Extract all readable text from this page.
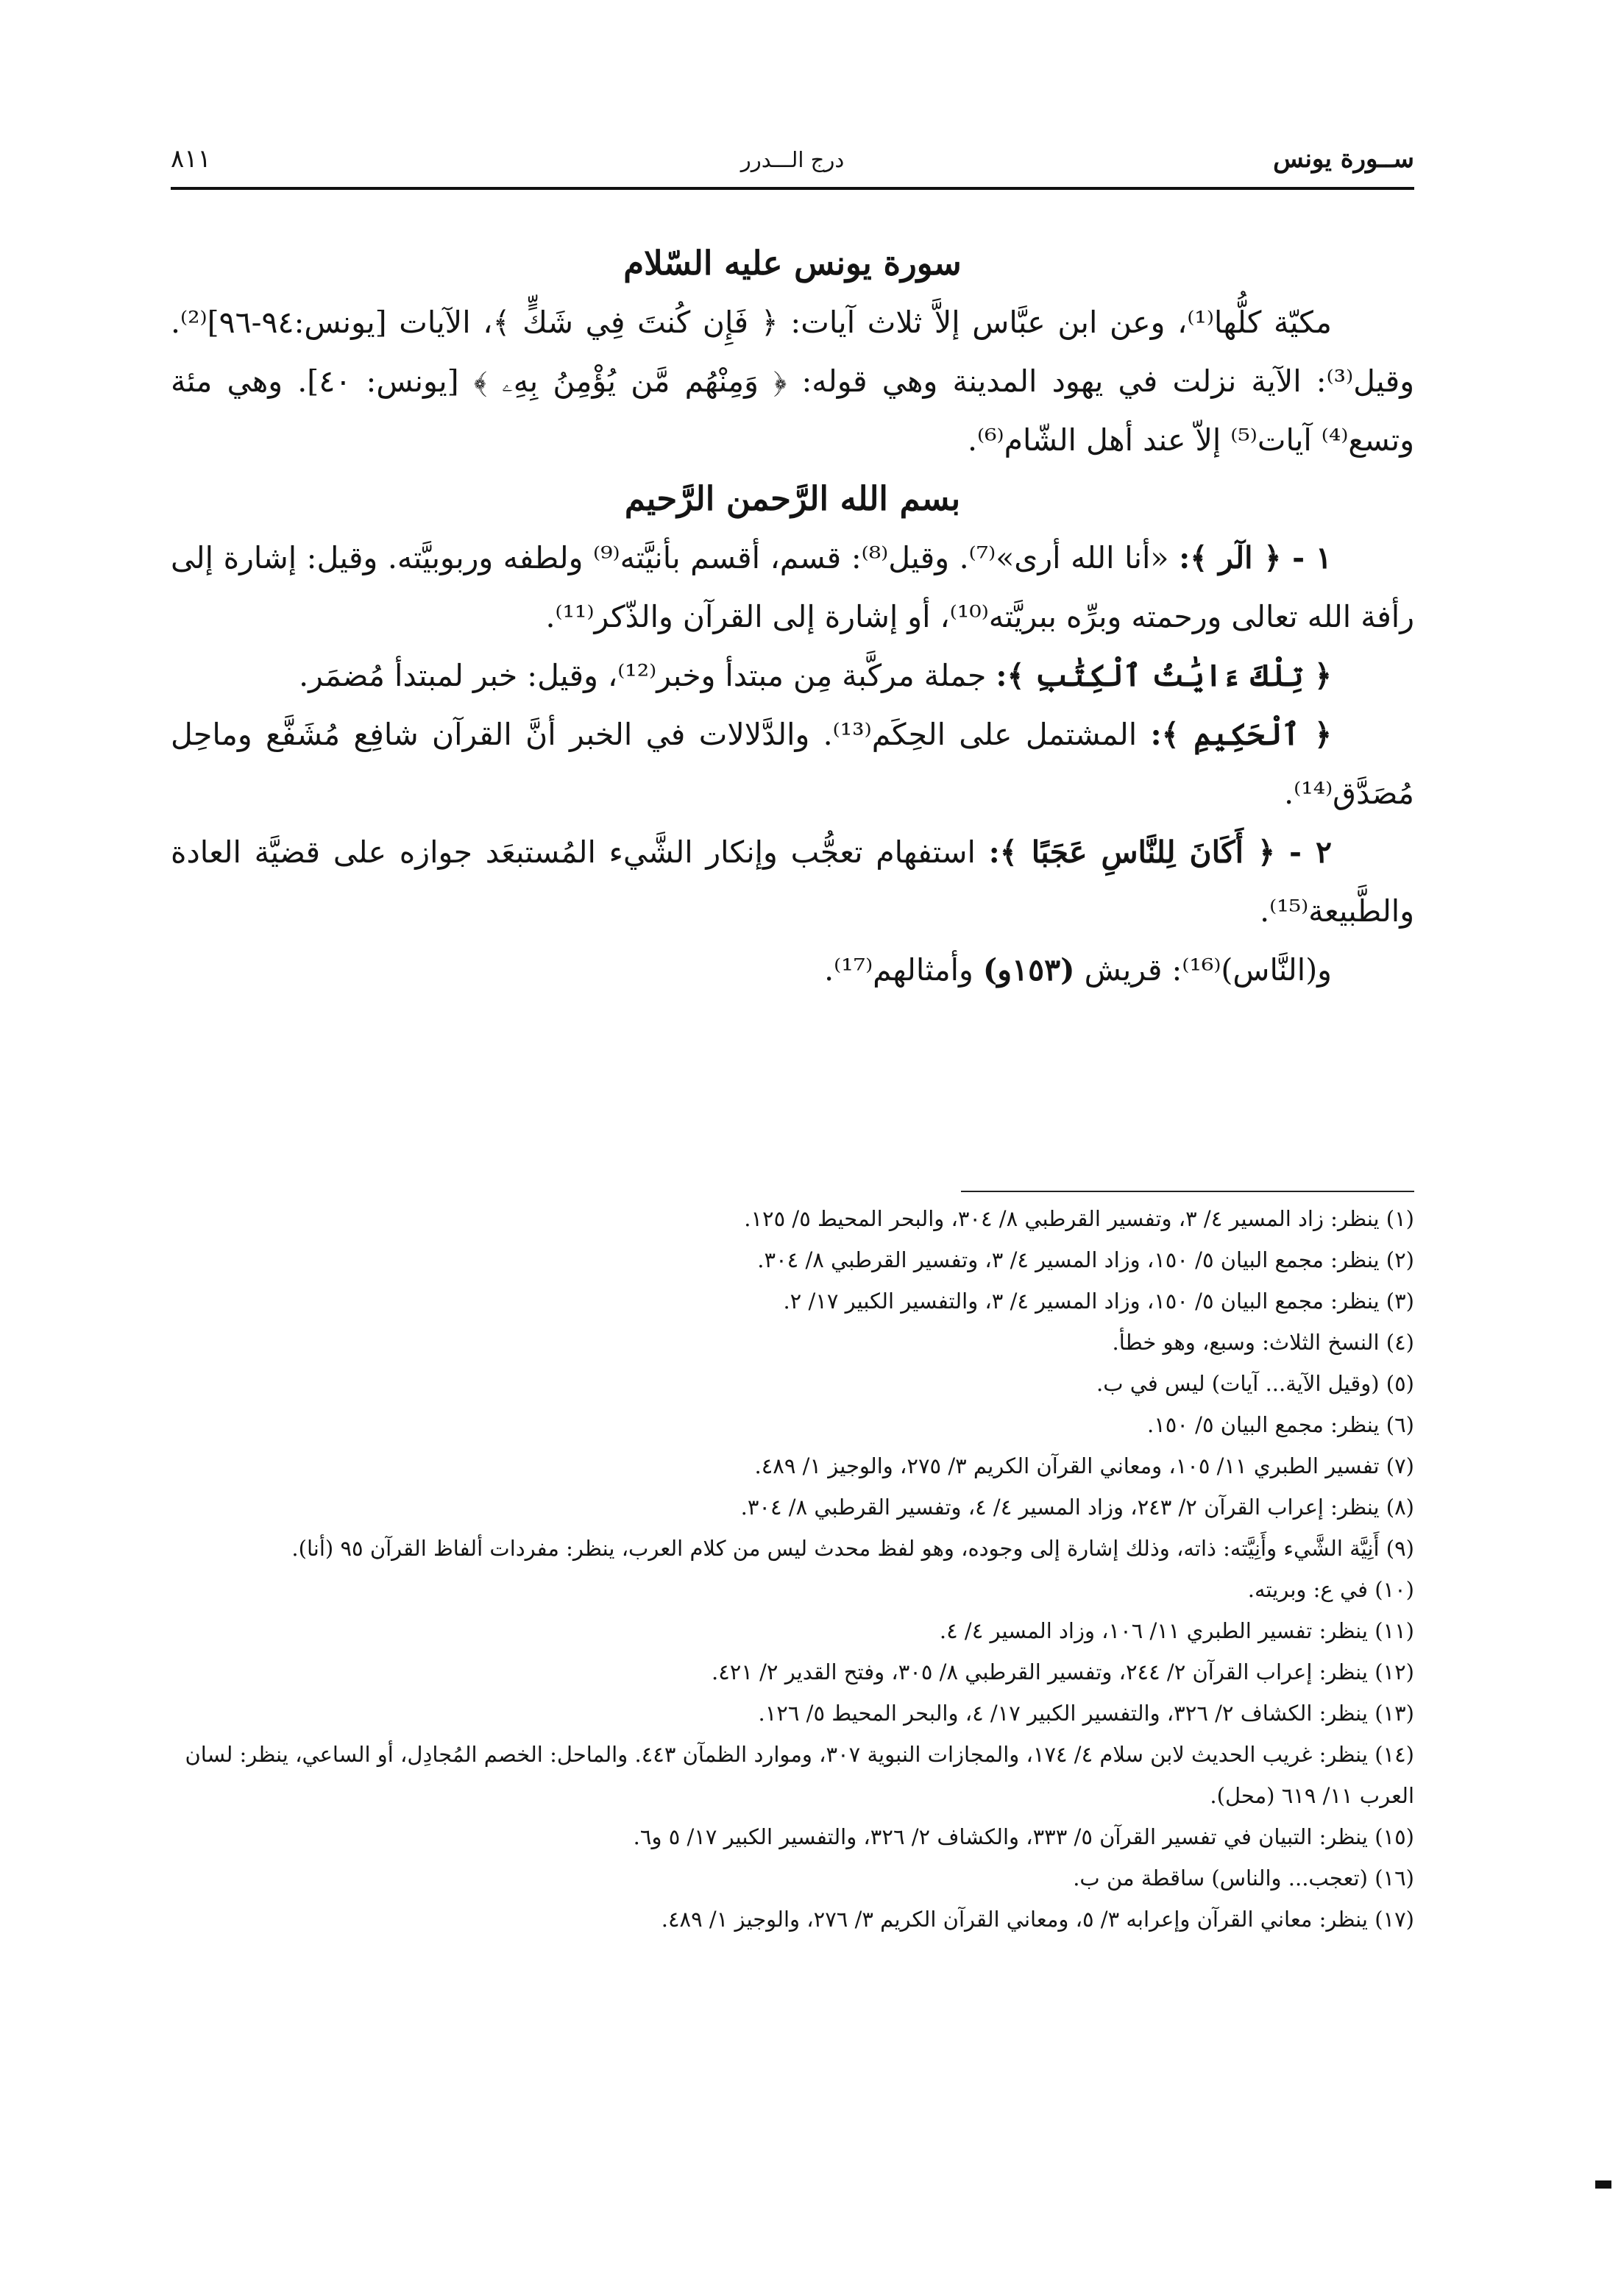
ســورة يونس
درج الـــدرر
٨١١

سورة يونس عليه السّلام

مكيّة كلُّها⁽¹⁾، وعن ابن عبَّاس إلاَّ ثلاث آيات: ﴿ فَإِن كُنتَ فِي شَكٍّ ﴾، الآيات [يونس:٩٤-٩٦]⁽²⁾. وقيل⁽³⁾: الآية نزلت في يهود المدينة وهي قوله: ﴿ وَمِنْهُم مَّن يُؤْمِنُ بِهِۦ ﴾ [يونس: ٤٠]. وهي مئة وتسع⁽⁴⁾ آيات⁽⁵⁾ إلاّ عند أهل الشّام⁽⁶⁾.

بسم الله الرَّحمن الرَّحيم

١ - ﴿ الٓر ﴾: «أنا الله أرى»⁽⁷⁾. وقيل⁽⁸⁾: قسم، أقسم بأنيَّته⁽⁹⁾ ولطفه وربوبيَّته. وقيل: إشارة إلى رأفة الله تعالى ورحمته وبرِّه ببريَّته⁽¹⁰⁾، أو إشارة إلى القرآن والذّكر⁽¹¹⁾.

﴿ تِلْكَ ءَايَٰتُ ٱلْكِتَٰبِ ﴾: جملة مركَّبة مِن مبتدأ وخبر⁽¹²⁾، وقيل: خبر لمبتدأ مُضمَر.

﴿ ٱلْحَكِيمِ ﴾: المشتمل على الحِكَم⁽¹³⁾. والدَّلالات في الخبر أنَّ القرآن شافِع مُشَفَّع وماحِل مُصَدَّق⁽¹⁴⁾.

٢ - ﴿ أَكَانَ لِلنَّاسِ عَجَبًا ﴾: استفهام تعجُّب وإنكار الشَّيء المُستبعَد جوازه على قضيَّة العادة والطَّبيعة⁽¹⁵⁾.

و(النَّاس)⁽¹⁶⁾: قريش (١٥٣و) وأمثالهم⁽¹⁷⁾.

(١) ينظر: زاد المسير ٤/ ٣، وتفسير القرطبي ٨/ ٣٠٤، والبحر المحيط ٥/ ١٢٥.

(٢) ينظر: مجمع البيان ٥/ ١٥٠، وزاد المسير ٤/ ٣، وتفسير القرطبي ٨/ ٣٠٤.

(٣) ينظر: مجمع البيان ٥/ ١٥٠، وزاد المسير ٤/ ٣، والتفسير الكبير ١٧/ ٢.

(٤) النسخ الثلاث: وسبع، وهو خطأ.

(٥) (وقيل الآية... آيات) ليس في ب.

(٦) ينظر: مجمع البيان ٥/ ١٥٠.

(٧) تفسير الطبري ١١/ ١٠٥، ومعاني القرآن الكريم ٣/ ٢٧٥، والوجيز ١/ ٤٨٩.

(٨) ينظر: إعراب القرآن ٢/ ٢٤٣، وزاد المسير ٤/ ٤، وتفسير القرطبي ٨/ ٣٠٤.

(٩) أَنِيَّة الشَّيء وأَنِيَّته: ذاته، وذلك إشارة إلى وجوده، وهو لفظ محدث ليس من كلام العرب، ينظر: مفردات ألفاظ القرآن ٩٥ (أنا).

(١٠) في ع: وبريته.

(١١) ينظر: تفسير الطبري ١١/ ١٠٦، وزاد المسير ٤/ ٤.

(١٢) ينظر: إعراب القرآن ٢/ ٢٤٤، وتفسير القرطبي ٨/ ٣٠٥، وفتح القدير ٢/ ٤٢١.

(١٣) ينظر: الكشاف ٢/ ٣٢٦، والتفسير الكبير ١٧/ ٤، والبحر المحيط ٥/ ١٢٦.

(١٤) ينظر: غريب الحديث لابن سلام ٤/ ١٧٤، والمجازات النبوية ٣٠٧، وموارد الظمآن ٤٤٣. والماحل: الخصم المُجادِل، أو الساعي، ينظر: لسان العرب ١١/ ٦١٩ (محل).

(١٥) ينظر: التبيان في تفسير القرآن ٥/ ٣٣٣، والكشاف ٢/ ٣٢٦، والتفسير الكبير ١٧/ ٥ و٦.

(١٦) (تعجب... والناس) ساقطة من ب.

(١٧) ينظر: معاني القرآن وإعرابه ٣/ ٥، ومعاني القرآن الكريم ٣/ ٢٧٦، والوجيز ١/ ٤٨٩.
